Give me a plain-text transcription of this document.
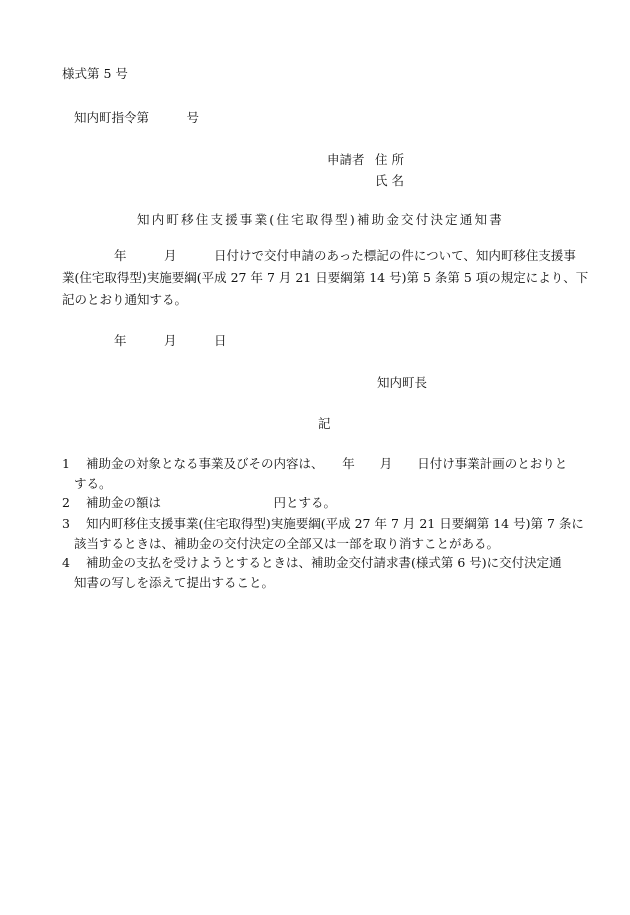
様式第 5 号
知内町指令第　　　号
申請者 住 所
氏 名
知内町移住支援事業(住宅取得型)補助金交付決定通知書
年　　　月　　　日付けで交付申請のあった標記の件について、知内町移住支援事
業(住宅取得型)実施要綱(平成 27 年 7 月 21 日要綱第 14 号)第 5 条第 5 項の規定により、下
記のとおり通知する。
年　　　月　　　日
知内町長
記
1 補助金の対象となる事業及びその内容は、　　年　　月　　日付け事業計画のとおりと
する。
2 補助金の額は　　　　　　　　　円とする。
3 知内町移住支援事業(住宅取得型)実施要綱(平成 27 年 7 月 21 日要綱第 14 号)第 7 条に
該当するときは、補助金の交付決定の全部又は一部を取り消すことがある。
4 補助金の支払を受けようとするときは、補助金交付請求書(様式第 6 号)に交付決定通
知書の写しを添えて提出すること。
